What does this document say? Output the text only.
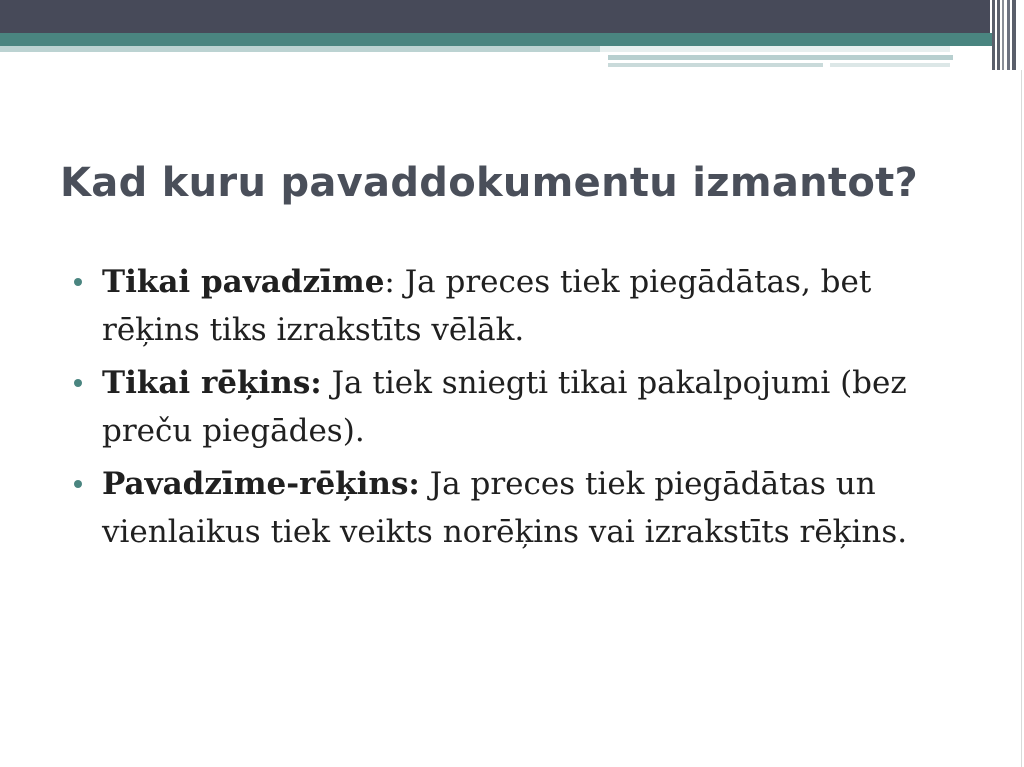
Kad kuru pavaddokumentu izmantot?
Tikai pavadzīme: Ja preces tiek piegādātas, bet rēķins tiks izrakstīts vēlāk.
Tikai rēķins: Ja tiek sniegti tikai pakalpojumi (bez preču piegādes).
Pavadzīme-rēķins: Ja preces tiek piegādātas un vienlaikus tiek veikts norēķins vai izrakstīts rēķins.
